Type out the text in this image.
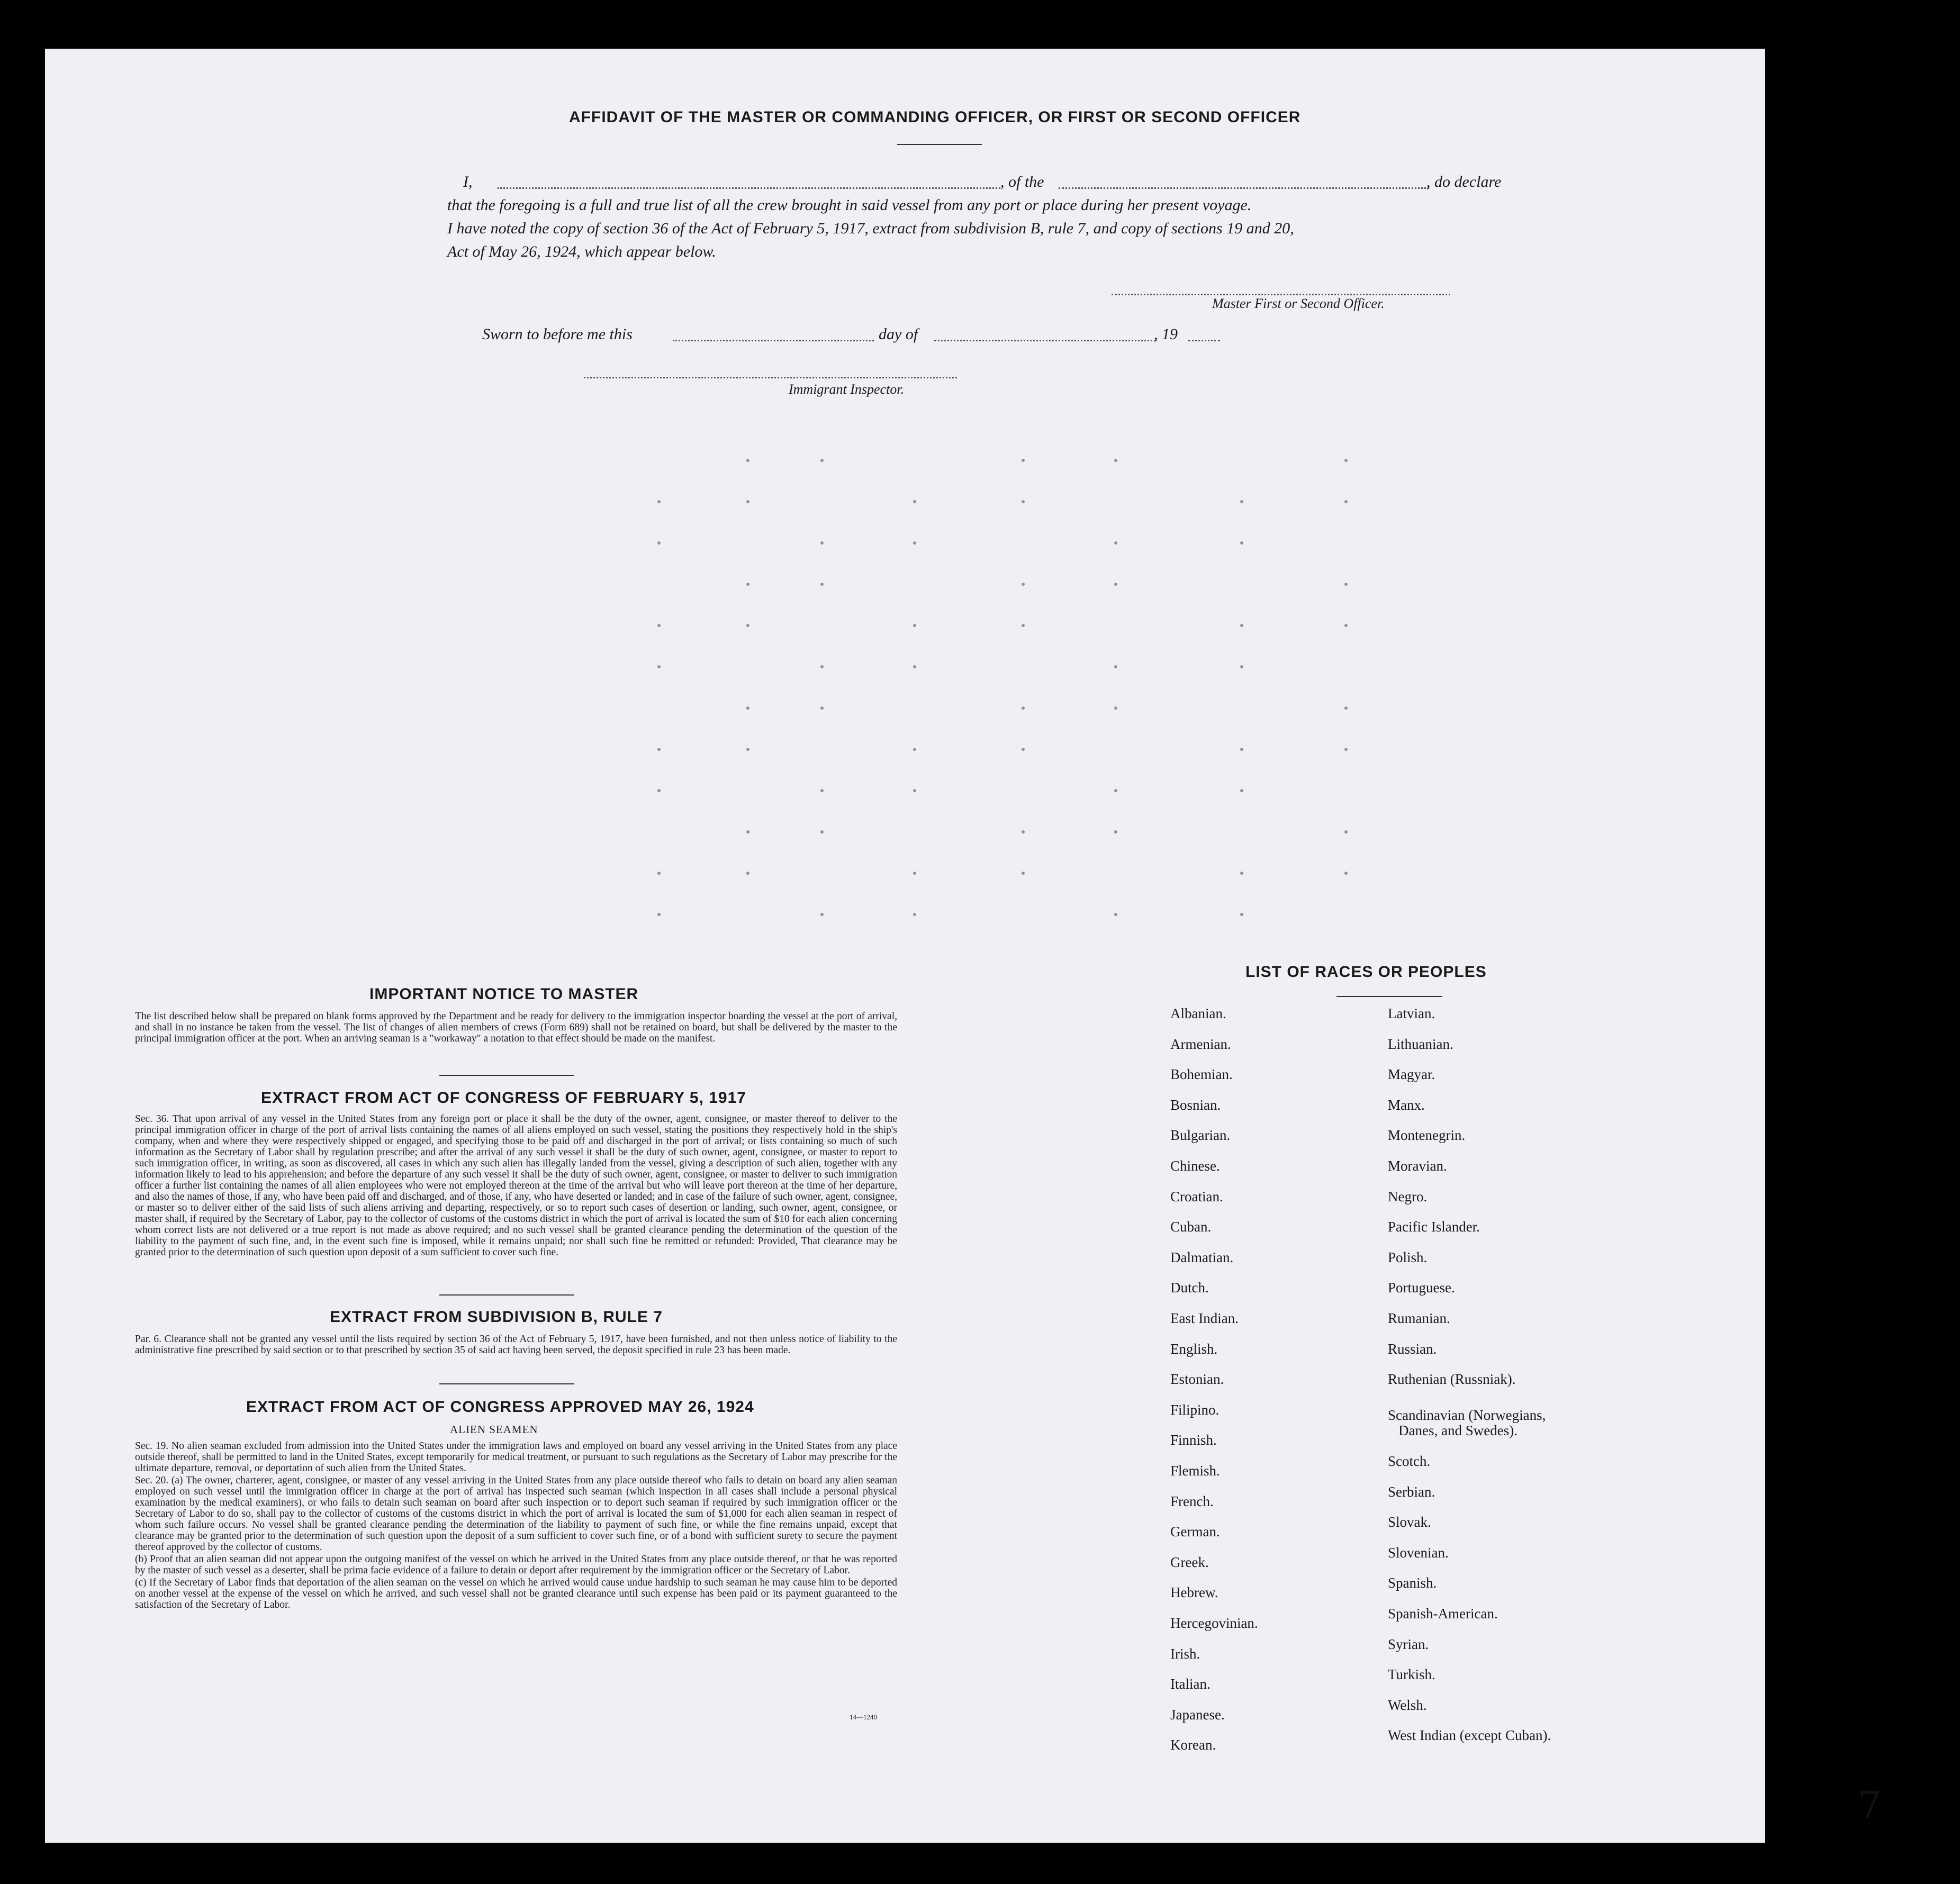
AFFIDAVIT OF THE MASTER OR COMMANDING OFFICER, OR FIRST OR SECOND OFFICER
I,	, of the	, do declare
that the foregoing is a full and true list of all the crew brought in said vessel from any port or place during her present voyage.
I have noted the copy of section 36 of the Act of February 5, 1917, extract from subdivision B, rule 7, and copy of sections 19 and 20,
Act of May 26, 1924, which appear below.
Master First or Second Officer.
Sworn to before me this	day of	, 19
Immigrant Inspector.
IMPORTANT NOTICE TO MASTER
The list described below shall be prepared on blank forms approved by the Department and be ready for delivery to the immigration inspector boarding the vessel at the port of arrival, and shall in no instance be taken from the vessel. The list of changes of alien members of crews (Form 689) shall not be retained on board, but shall be delivered by the master to the principal immigration officer at the port. When an arriving seaman is a "workaway" a notation to that effect should be made on the manifest.
EXTRACT FROM ACT OF CONGRESS OF FEBRUARY 5, 1917
Sec. 36. That upon arrival of any vessel in the United States from any foreign port or place it shall be the duty of the owner, agent, consignee, or master thereof to deliver to the principal immigration officer in charge of the port of arrival lists containing the names of all aliens employed on such vessel, stating the positions they respectively hold in the ship's company, when and where they were respectively shipped or engaged, and specifying those to be paid off and discharged in the port of arrival; or lists containing so much of such information as the Secretary of Labor shall by regulation prescribe; and after the arrival of any such vessel it shall be the duty of such owner, agent, consignee, or master to report to such immigration officer, in writing, as soon as discovered, all cases in which any such alien has illegally landed from the vessel, giving a description of such alien, together with any information likely to lead to his apprehension; and before the departure of any such vessel it shall be the duty of such owner, agent, consignee, or master to deliver to such immigration officer a further list containing the names of all alien employees who were not employed thereon at the time of the arrival but who will leave port thereon at the time of her departure, and also the names of those, if any, who have been paid off and discharged, and of those, if any, who have deserted or landed; and in case of the failure of such owner, agent, consignee, or master so to deliver either of the said lists of such aliens arriving and departing, respectively, or so to report such cases of desertion or landing, such owner, agent, consignee, or master shall, if required by the Secretary of Labor, pay to the collector of customs of the customs district in which the port of arrival is located the sum of $10 for each alien concerning whom correct lists are not delivered or a true report is not made as above required; and no such vessel shall be granted clearance pending the determination of the question of the liability to the payment of such fine, and, in the event such fine is imposed, while it remains unpaid; nor shall such fine be remitted or refunded: Provided, That clearance may be granted prior to the determination of such question upon deposit of a sum sufficient to cover such fine.
EXTRACT FROM SUBDIVISION B, RULE 7
Par. 6. Clearance shall not be granted any vessel until the lists required by section 36 of the Act of February 5, 1917, have been furnished, and not then unless notice of liability to the administrative fine prescribed by said section or to that prescribed by section 35 of said act having been served, the deposit specified in rule 23 has been made.
EXTRACT FROM ACT OF CONGRESS APPROVED MAY 26, 1924
ALIEN SEAMEN

Sec. 19. No alien seaman excluded from admission into the United States under the immigration laws and employed on board any vessel arriving in the United States from any place outside thereof, shall be permitted to land in the United States, except temporarily for medical treatment, or pursuant to such regulations as the Secretary of Labor may prescribe for the ultimate departure, removal, or deportation of such alien from the United States.

Sec. 20. (a) The owner, charterer, agent, consignee, or master of any vessel arriving in the United States from any place outside thereof who fails to detain on board any alien seaman employed on such vessel until the immigration officer in charge at the port of arrival has inspected such seaman (which inspection in all cases shall include a personal physical examination by the medical examiners), or who fails to detain such seaman on board after such inspection or to deport such seaman if required by such immigration officer or the Secretary of Labor to do so, shall pay to the collector of customs of the customs district in which the port of arrival is located the sum of $1,000 for each alien seaman in respect of whom such failure occurs. No vessel shall be granted clearance pending the determination of the liability to payment of such fine, or while the fine remains unpaid, except that clearance may be granted prior to the determination of such question upon the deposit of a sum sufficient to cover such fine, or of a bond with sufficient surety to secure the payment thereof approved by the collector of customs.

(b) Proof that an alien seaman did not appear upon the outgoing manifest of the vessel on which he arrived in the United States from any place outside thereof, or that he was reported by the master of such vessel as a deserter, shall be prima facie evidence of a failure to detain or deport after requirement by the immigration officer or the Secretary of Labor.

(c) If the Secretary of Labor finds that deportation of the alien seaman on the vessel on which he arrived would cause undue hardship to such seaman he may cause him to be deported on another vessel at the expense of the vessel on which he arrived, and such vessel shall not be granted clearance until such expense has been paid or its payment guaranteed to the satisfaction of the Secretary of Labor.

14—1240
LIST OF RACES OR PEOPLES
Albanian.
Armenian.
Bohemian.
Bosnian.
Bulgarian.
Chinese.
Croatian.
Cuban.
Dalmatian.
Dutch.
East Indian.
English.
Estonian.
Filipino.
Finnish.
Flemish.
French.
German.
Greek.
Hebrew.
Hercegovinian.
Irish.
Italian.
Japanese.
Korean.
Latvian.
Lithuanian.
Magyar.
Manx.
Montenegrin.
Moravian.
Negro.
Pacific Islander.
Polish.
Portuguese.
Rumanian.
Russian.
Ruthenian (Russniak).
Scandinavian (Norwegians,
Danes, and Swedes).
Scotch.
Serbian.
Slovak.
Slovenian.
Spanish.
Spanish-American.
Syrian.
Turkish.
Welsh.
West Indian (except Cuban).
7
